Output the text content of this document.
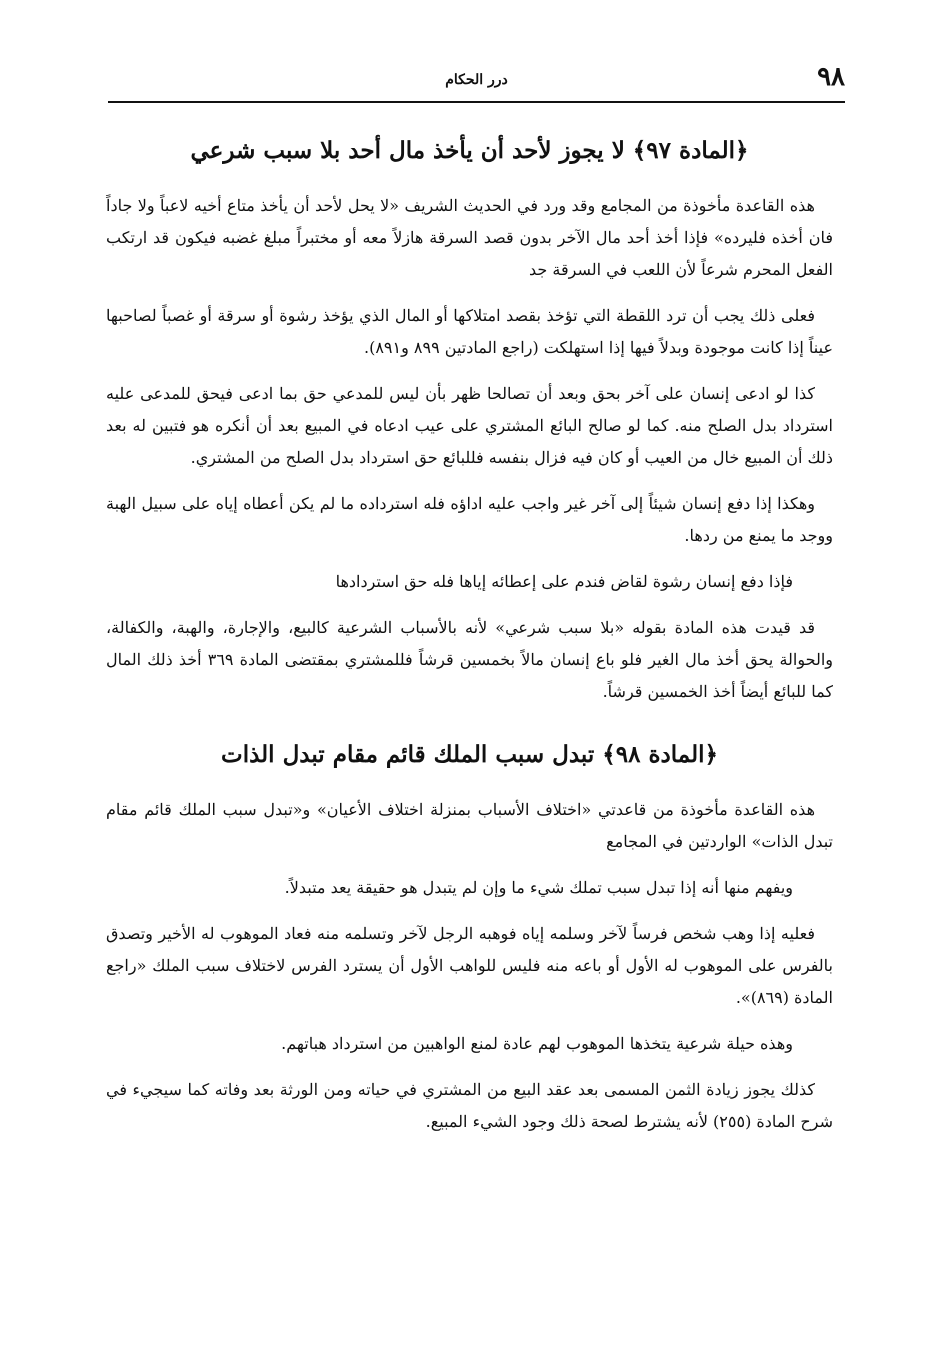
٩٨
درر الحكام
﴿المادة ٩٧﴾ لا يجوز لأحد أن يأخذ مال أحد بلا سبب شرعي

هذه القاعدة مأخوذة من المجامع وقد ورد في الحديث الشريف «لا يحل لأحد أن يأخذ متاع أخيه لاعباً ولا جاداً فان أخذه فليرده» فإذا أخذ أحد مال الآخر بدون قصد السرقة هازلاً معه أو مختبراً مبلغ غضبه فيكون قد ارتكب الفعل المحرم شرعاً لأن اللعب في السرقة جد

فعلى ذلك يجب أن ترد اللقطة التي تؤخذ بقصد امتلاكها أو المال الذي يؤخذ رشوة أو سرقة أو غصباً لصاحبها عيناً إذا كانت موجودة وبدلاً فيها إذا استهلكت (راجع المادتين ٨٩٩ و٨٩١).

كذا لو ادعى إنسان على آخر بحق وبعد أن تصالحا ظهر بأن ليس للمدعي حق بما ادعى فيحق للمدعى عليه استرداد بدل الصلح منه. كما لو صالح البائع المشتري على عيب ادعاه في المبيع بعد أن أنكره هو فتبين له بعد ذلك أن المبيع خال من العيب أو كان فيه فزال بنفسه فللبائع حق استرداد بدل الصلح من المشتري.

وهكذا إذا دفع إنسان شيئاً إلى آخر غير واجب عليه اداؤه فله استرداده ما لم يكن أعطاه إياه على سبيل الهبة ووجد ما يمنع من ردها.

فإذا دفع إنسان رشوة لقاض فندم على إعطائه إياها فله حق استردادها

قد قيدت هذه المادة بقوله «بلا سبب شرعي» لأنه بالأسباب الشرعية كالبيع، والإجارة، والهبة، والكفالة، والحوالة يحق أخذ مال الغير فلو باع إنسان مالاً بخمسين قرشاً فللمشتري بمقتضى المادة ٣٦٩ أخذ ذلك المال كما للبائع أيضاً أخذ الخمسين قرشاً.

﴿المادة ٩٨﴾ تبدل سبب الملك قائم مقام تبدل الذات

هذه القاعدة مأخوذة من قاعدتي «اختلاف الأسباب بمنزلة اختلاف الأعيان» و«تبدل سبب الملك قائم مقام تبدل الذات» الواردتين في المجامع

ويفهم منها أنه إذا تبدل سبب تملك شيء ما وإن لم يتبدل هو حقيقة يعد متبدلاً.

فعليه إذا وهب شخص فرساً لآخر وسلمه إياه فوهبه الرجل لآخر وتسلمه منه فعاد الموهوب له الأخير وتصدق بالفرس على الموهوب له الأول أو باعه منه فليس للواهب الأول أن يسترد الفرس لاختلاف سبب الملك «راجع المادة (٨٦٩)».

وهذه حيلة شرعية يتخذها الموهوب لهم عادة لمنع الواهبين من استرداد هباتهم.

كذلك يجوز زيادة الثمن المسمى بعد عقد البيع من المشتري في حياته ومن الورثة بعد وفاته كما سيجيء في شرح المادة (٢٥٥) لأنه يشترط لصحة ذلك وجود الشيء المبيع.
